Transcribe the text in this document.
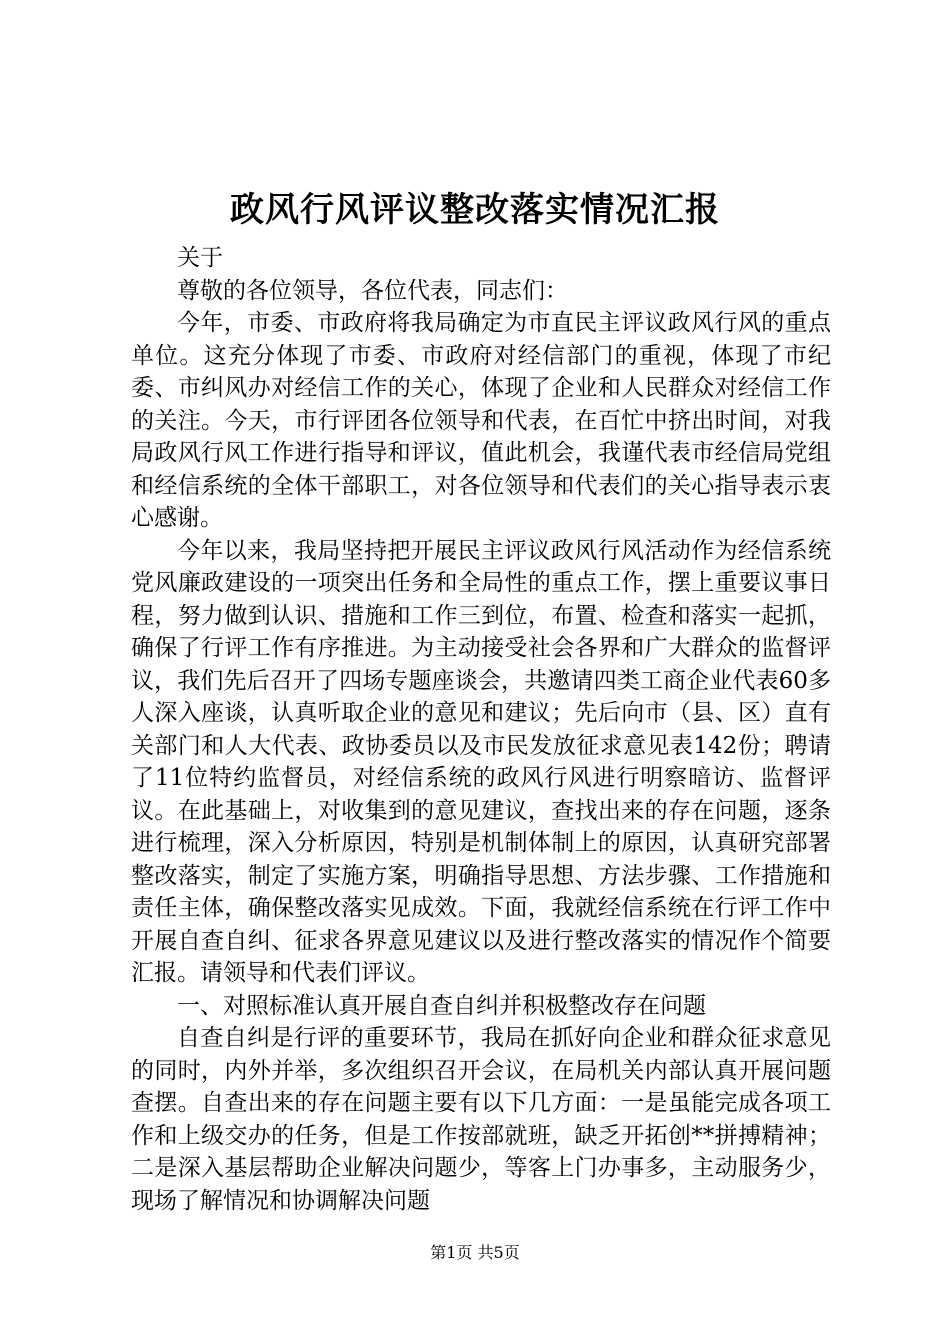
政风行风评议整改落实情况汇报

关于

尊敬的各位领导，各位代表，同志们：

今年，市委、市政府将我局确定为市直民主评议政风行风的重点单位。这充分体现了市委、市政府对经信部门的重视，体现了市纪委、市纠风办对经信工作的关心，体现了企业和人民群众对经信工作的关注。今天，市行评团各位领导和代表，在百忙中挤出时间，对我局政风行风工作进行指导和评议，值此机会，我谨代表市经信局党组和经信系统的全体干部职工，对各位领导和代表们的关心指导表示衷心感谢。

今年以来，我局坚持把开展民主评议政风行风活动作为经信系统党风廉政建设的一项突出任务和全局性的重点工作，摆上重要议事日程，努力做到认识、措施和工作三到位，布置、检查和落实一起抓，确保了行评工作有序推进。为主动接受社会各界和广大群众的监督评议，我们先后召开了四场专题座谈会，共邀请四类工商企业代表60多人深入座谈，认真听取企业的意见和建议；先后向市（县、区）直有关部门和人大代表、政协委员以及市民发放征求意见表142份；聘请了11位特约监督员，对经信系统的政风行风进行明察暗访、监督评议。在此基础上，对收集到的意见建议，查找出来的存在问题，逐条进行梳理，深入分析原因，特别是机制体制上的原因，认真研究部署整改落实，制定了实施方案，明确指导思想、方法步骤、工作措施和责任主体，确保整改落实见成效。下面，我就经信系统在行评工作中开展自查自纠、征求各界意见建议以及进行整改落实的情况作个简要汇报。请领导和代表们评议。

一、对照标准认真开展自查自纠并积极整改存在问题

自查自纠是行评的重要环节，我局在抓好向企业和群众征求意见的同时，内外并举，多次组织召开会议，在局机关内部认真开展问题查摆。自查出来的存在问题主要有以下几方面：一是虽能完成各项工作和上级交办的任务，但是工作按部就班，缺乏开拓创**拼搏精神；二是深入基层帮助企业解决问题少，等客上门办事多，主动服务少，现场了解情况和协调解决问题

第1页 共5页
